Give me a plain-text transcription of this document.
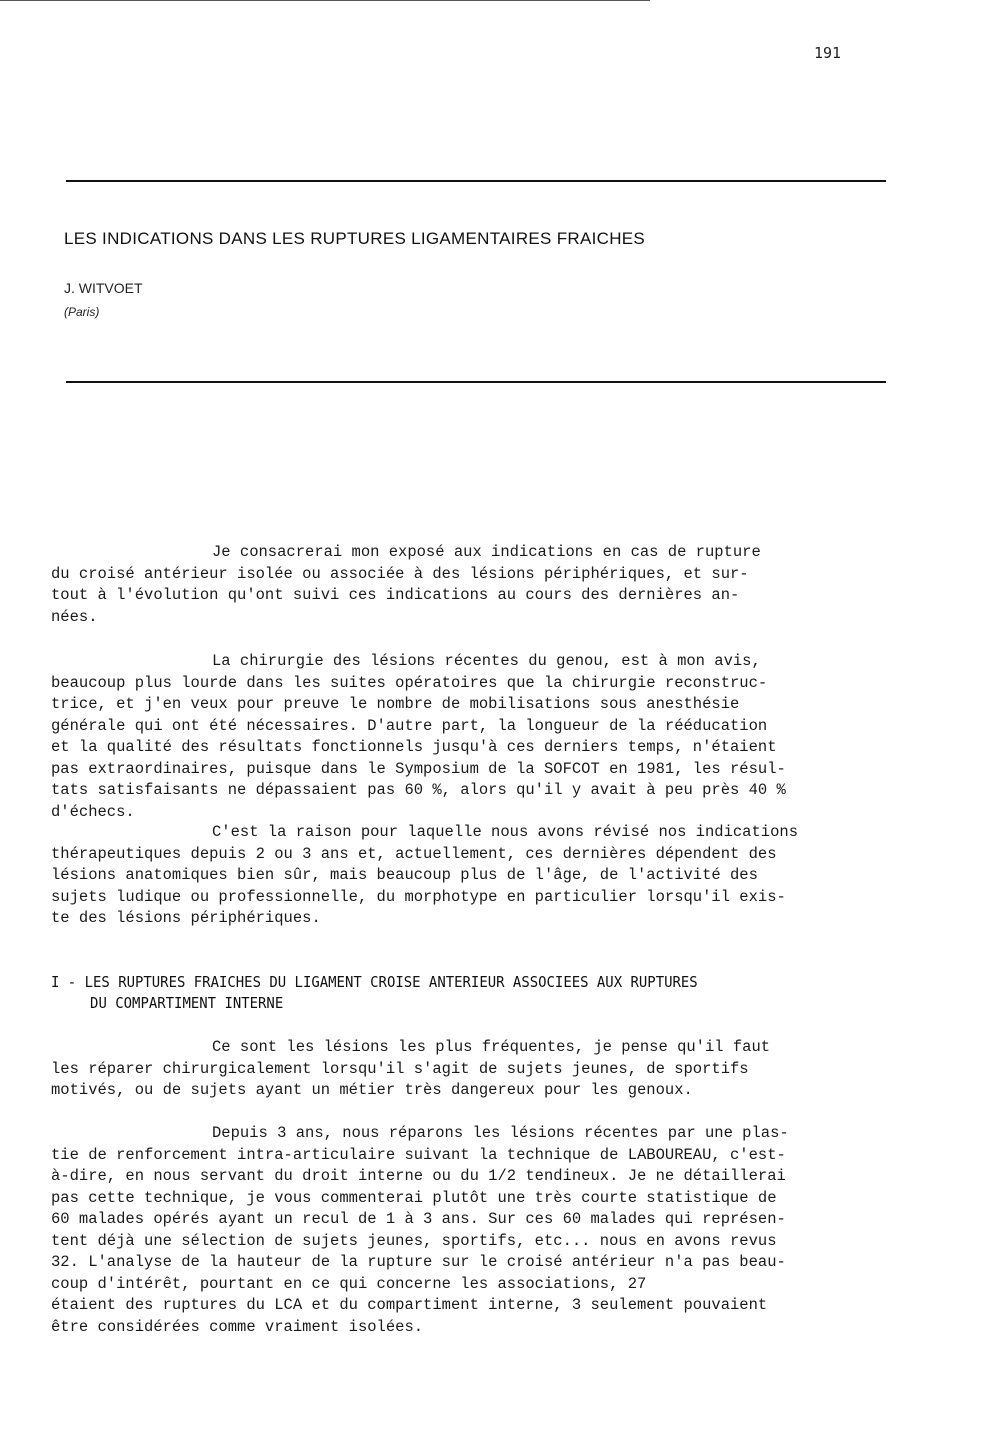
191
LES INDICATIONS DANS LES RUPTURES LIGAMENTAIRES FRAICHES
J. WITVOET
(Paris)
Je consacrerai mon exposé aux indications en cas de rupture
du croisé antérieur isolée ou associée à des lésions périphériques, et sur-
tout à l'évolution qu'ont suivi ces indications au cours des dernières an-
nées.
La chirurgie des lésions récentes du genou, est à mon avis,
beaucoup plus lourde dans les suites opératoires que la chirurgie reconstruc-
trice, et j'en veux pour preuve le nombre de mobilisations sous anesthésie
générale qui ont été nécessaires. D'autre part, la longueur de la rééducation
et la qualité des résultats fonctionnels jusqu'à ces derniers temps, n'étaient
pas extraordinaires, puisque dans le Symposium de la SOFCOT en 1981, les résul-
tats satisfaisants ne dépassaient pas 60 %, alors qu'il y avait à peu près 40 %
d'échecs.
C'est la raison pour laquelle nous avons révisé nos indications
thérapeutiques depuis 2 ou 3 ans et, actuellement, ces dernières dépendent des
lésions anatomiques bien sûr, mais beaucoup plus de l'âge, de l'activité des
sujets ludique ou professionnelle, du morphotype en particulier lorsqu'il exis-
te des lésions périphériques.
I - LES RUPTURES FRAICHES DU LIGAMENT CROISE ANTERIEUR ASSOCIEES AUX RUPTURES
DU COMPARTIMENT INTERNE
Ce sont les lésions les plus fréquentes, je pense qu'il faut
les réparer chirurgicalement lorsqu'il s'agit de sujets jeunes, de sportifs
motivés, ou de sujets ayant un métier très dangereux pour les genoux.
Depuis 3 ans, nous réparons les lésions récentes par une plas-
tie de renforcement intra-articulaire suivant la technique de LABOUREAU, c'est-
à-dire, en nous servant du droit interne ou du 1/2 tendineux. Je ne détaillerai
pas cette technique, je vous commenterai plutôt une très courte statistique de
60 malades opérés ayant un recul de 1 à 3 ans. Sur ces 60 malades qui représen-
tent déjà une sélection de sujets jeunes, sportifs, etc... nous en avons revus
32. L'analyse de la hauteur de la rupture sur le croisé antérieur n'a pas beau-
coup d'intérêt, pourtant en ce qui concerne les associations, 27
étaient des ruptures du LCA et du compartiment interne, 3 seulement pouvaient
être considérées comme vraiment isolées.
